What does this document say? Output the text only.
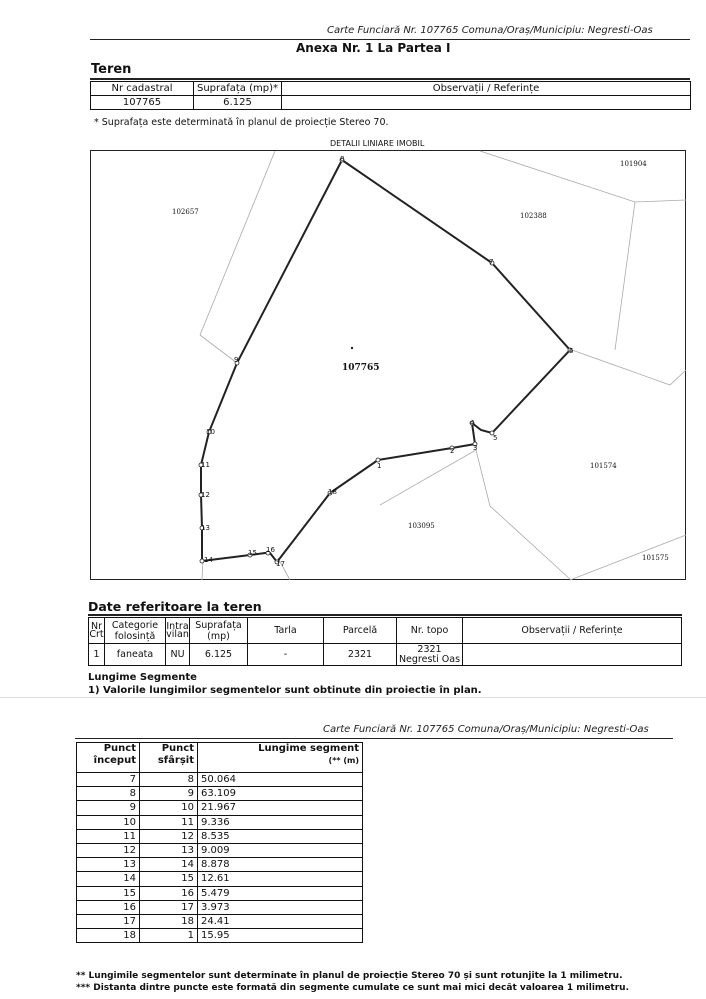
Carte Funciară Nr. 107765 Comuna/Oraș/Municipiu: Negresti-Oas
Anexa Nr. 1 La Partea I
Teren
Nr cadastral	Suprafața (mp)*	Observații / Referințe
107765	6.125	
* Suprafața este determinată în planul de proiecție Stereo 70.
DETALII LINIARE IMOBIL
102657	102388
101904
107765
101574
103095
101575
1
2	3
4
5
6
7
8
9
10
11
12
13
14
15 16
17
18
Date referitoare la teren
Nr Crt	Categorie folosință	Intra vilan	Suprafața (mp)	Tarla	Parcelă	Nr. topo	Observații / Referințe
1	faneata	NU	6.125	-	2321	2321
Negresti Oas	

Lungime Segmente
1) Valorile lungimilor segmentelor sunt obtinute din proiectie în plan.
Carte Funciară Nr. 107765 Comuna/Oraș/Municipiu: Negresti-Oas
Punct început	Punct sfârșit	Lungime segment
(** (m)

7	8	50.064
8	9	63.109
9	10	21.967
10	11	9.336
11	12	8.535
12	13	9.009
13	14	8.878
14	15	12.61
15	16	5.479
16	17	3.973
17	18	24.41
18	1	15.95
** Lungimile segmentelor sunt determinate în planul de proiecție Stereo 70 și sunt rotunjite la 1 milimetru.
*** Distanta dintre puncte este formată din segmente cumulate ce sunt mai mici decât valoarea 1 milimetru.
